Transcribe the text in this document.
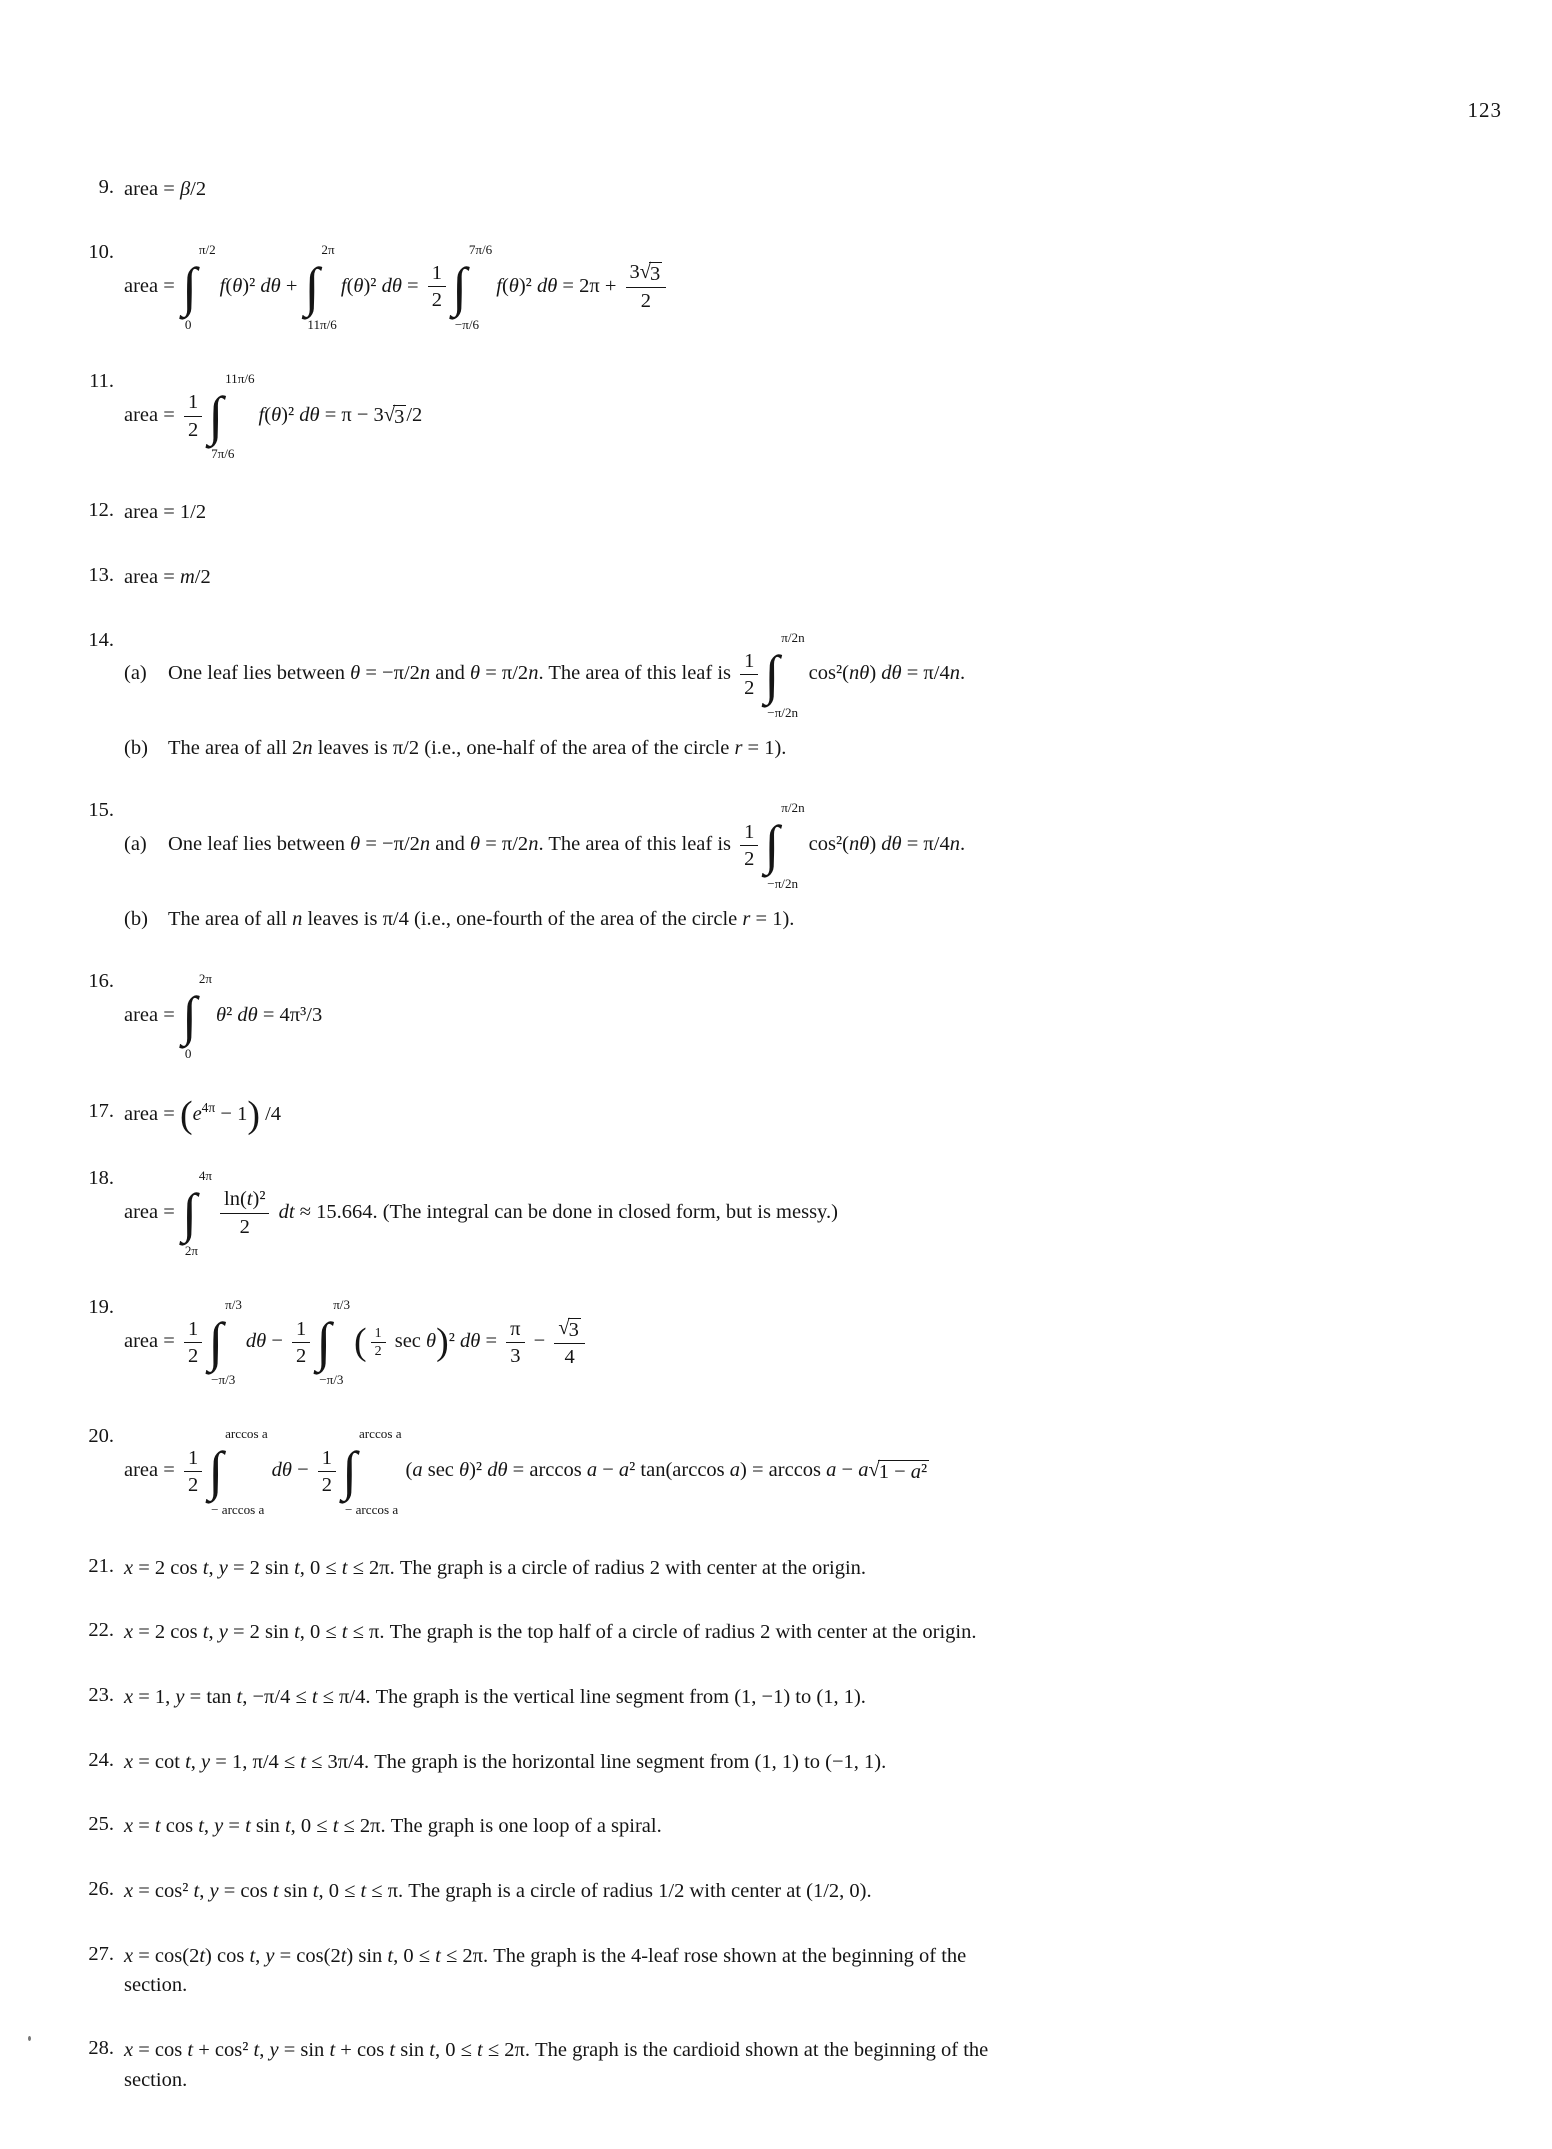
123
9. area = β/2
10.
area = ∫
π/2
0
f(θ)² dθ + ∫
2π
11π/6
f(θ)² $d\theta = \frac{1}{2}$ ∫
7π/6
−π/6
f(θ)² $d\theta = 2\pi + \frac{3 √ 3}{2}$
11.
area = $\frac{1}{2}$ ∫
11π/6
7π/6
f(θ)² dθ = π − 3 √ 3 /2
12. area = 1/2
13. area = m/2
14.
(a) One leaf lies between θ = −π/2n and θ = π/2n. The area of this leaf is $\frac{1}{2}$ ∫
π/2n
−π/2n
cos²(nθ) dθ = π/4n.
(b) The area of all 2n leaves is π/2 (i.e., one-half of the area of the circle r = 1).
15.
(a) One leaf lies between θ = −π/2n and θ = π/2n. The area of this leaf is $\frac{1}{2}$ ∫
π/2n
−π/2n
cos²(nθ) dθ = π/4n.
(b) The area of all n leaves is π/4 (i.e., one-fourth of the area of the circle r = 1).
16.
area = ∫
2π
0
θ² dθ = 4π³/3
17. area = $(e^{4\pi} - 1)$ /4
18.
area = ∫
4π
2π
$\frac{\text{ln(t)²}}{2}$ dt ≈ 15.664. (The integral can be done in closed form, but is messy.)
19.
area = $\frac{1}{2}$ ∫
π/3
−π/3
$d\theta - \frac{1}{2}$ ∫
π/3
−π/3
( $\frac{1}{2}$ sec θ)² $d\theta = \frac{\pi}{3} - \frac{√ 3}{4}$
20.
area = $\frac{1}{2}$ ∫
arccos a
− arccos a
$d\theta - \frac{1}{2}$ ∫
arccos a
− arccos a
(a sec θ)² dθ = arccos a − a² tan(arccos a) = arccos a − a √ 1 − a²
21. x = 2 cos t, y = 2 sin t, 0 ≤ t ≤ 2π. The graph is a circle of radius 2 with center at the origin.
22. x = 2 cos t, y = 2 sin t, 0 ≤ t ≤ π. The graph is the top half of a circle of radius 2 with center at the origin.
23. x = 1, y = tan t, −π/4 ≤ t ≤ π/4. The graph is the vertical line segment from (1, −1) to (1, 1).
24. x = cot t, y = 1, π/4 ≤ t ≤ 3π/4. The graph is the horizontal line segment from (1, 1) to (−1, 1).
25. x = t cos t, y = t sin t, 0 ≤ t ≤ 2π. The graph is one loop of a spiral.
26. x = cos² t, y = cos t sin t, 0 ≤ t ≤ π. The graph is a circle of radius 1/2 with center at (1/2, 0).
27. x = cos(2t) cos t, y = cos(2t) sin t, 0 ≤ t ≤ 2π. The graph is the 4-leaf rose shown at the beginning of the
section.
28. x = cos t + cos² t, y = sin t + cos t sin t, 0 ≤ t ≤ 2π. The graph is the cardioid shown at the beginning of the
section.
